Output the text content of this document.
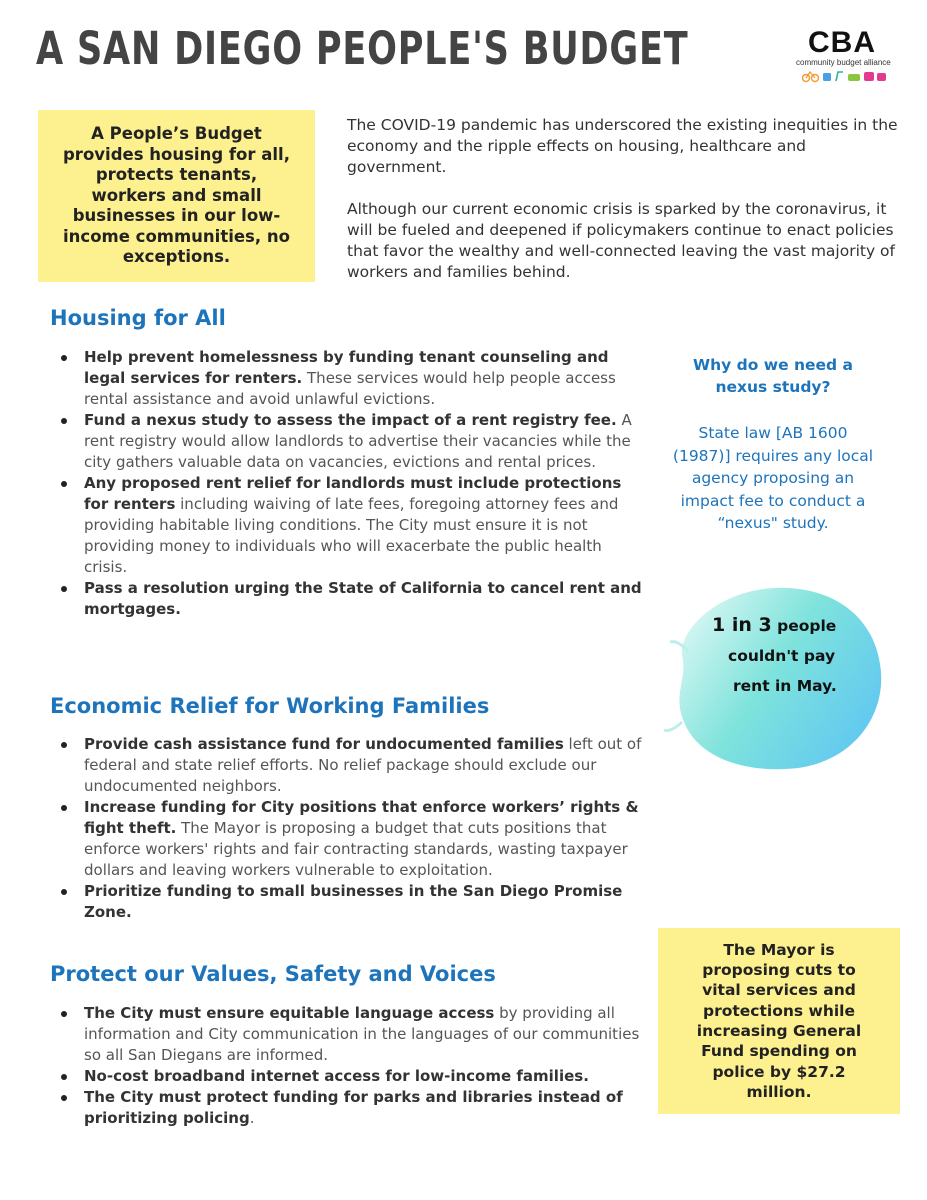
A SAN DIEGO PEOPLE'S BUDGET	CBA
community budget alliance
A People’s Budget provides housing for all, protects tenants, workers and small businesses in our low-income communities, no exceptions.

The COVID-19 pandemic has underscored the existing inequities in the economy and the ripple effects on housing, healthcare and government.

Although our current economic crisis is sparked by the coronavirus, it will be fueled and deepened if policymakers continue to enact policies that favor the wealthy and well-connected leaving the vast majority of workers and families behind.

Housing for All
Help prevent homelessness by funding tenant counseling and legal services for renters. These services would help people access rental assistance and avoid unlawful evictions.
Fund a nexus study to assess the impact of a rent registry fee. A rent registry would allow landlords to advertise their vacancies while the city gathers valuable data on vacancies, evictions and rental prices.
Any proposed rent relief for landlords must include protections for renters including waiving of late fees, foregoing attorney fees and providing habitable living conditions. The City must ensure it is not providing money to individuals who will exacerbate the public health crisis.
Pass a resolution urging the State of California to cancel rent and mortgages.
Economic Relief for Working Families
Provide cash assistance fund for undocumented families left out of federal and state relief efforts. No relief package should exclude our undocumented neighbors.
Increase funding for City positions that enforce workers’ rights & fight theft. The Mayor is proposing a budget that cuts positions that enforce workers' rights and fair contracting standards, wasting taxpayer dollars and leaving workers vulnerable to exploitation.
Prioritize funding to small businesses in the San Diego Promise Zone.
Protect our Values, Safety and Voices
The City must ensure equitable language access by providing all information and City communication in the languages of our communities so all San Diegans are informed.
No-cost broadband internet access for low-income families.
The City must protect funding for parks and libraries instead of prioritizing policing.

Why do we need a nexus study?

State law [AB 1600 (1987)] requires any local agency proposing an impact fee to conduct a “nexus" study.

1 in 3 people
couldn't pay
rent in May.
The Mayor is proposing cuts to vital services and protections while increasing General Fund spending on police by $27.2 million.
